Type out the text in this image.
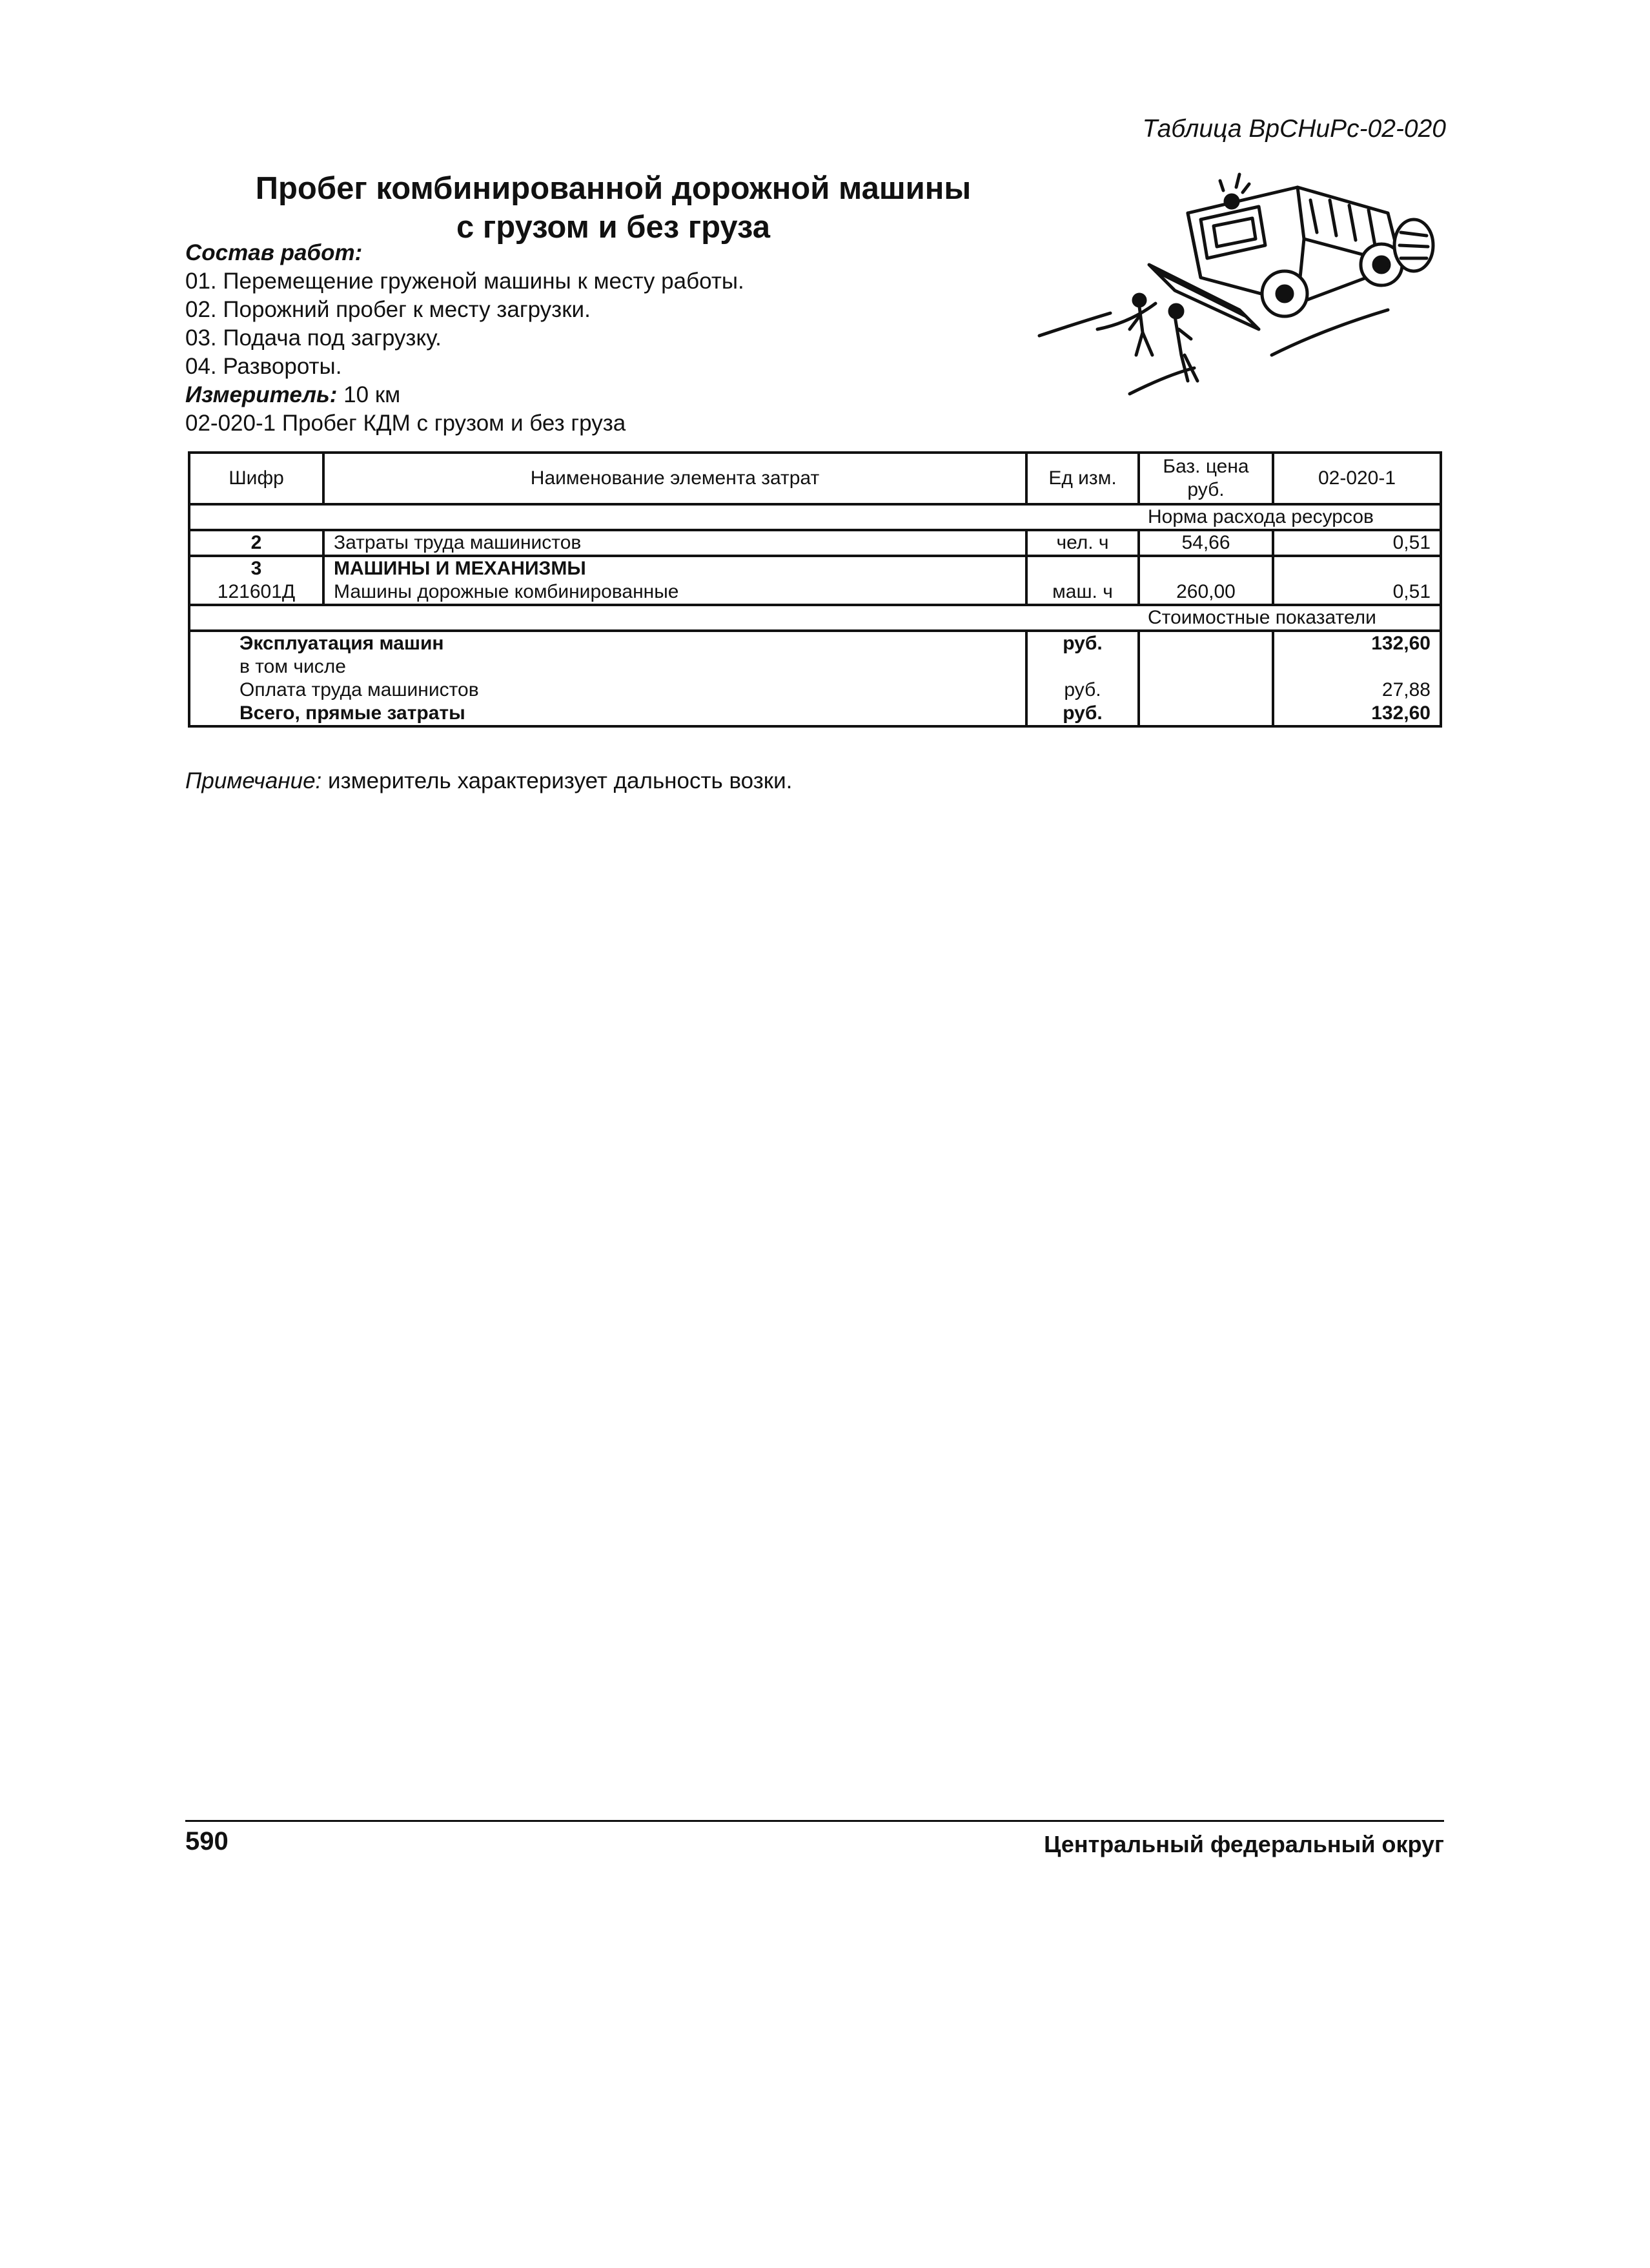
Таблица ВрСНиРс-02-020
Пробег комбинированной дорожной машины
с грузом и без груза
Состав работ:
01. Перемещение груженой машины к месту работы.
02. Порожний пробег к месту загрузки.
03. Подача под загрузку.
04. Развороты.
Измеритель: 10 км
02-020-1 Пробег КДМ с грузом и без груза
Шифр	Наименование элемента затрат	Ед изм.	Баз. цена руб.	02-020-1
			Норма расхода ресурсов	
2	Затраты труда машинистов	чел. ч	54,66	0,51
3	МАШИНЫ И МЕХАНИЗМЫ			
121601Д	Машины дорожные комбинированные	маш. ч	260,00	0,51
			Стоимостные показатели	
Эксплуатация машин		руб.		132,60
в том числе				
Оплата труда машинистов		руб.		27,88
Всего, прямые затраты		руб.		132,60
Примечание: измеритель характеризует дальность возки.
590	Центральный федеральный округ
